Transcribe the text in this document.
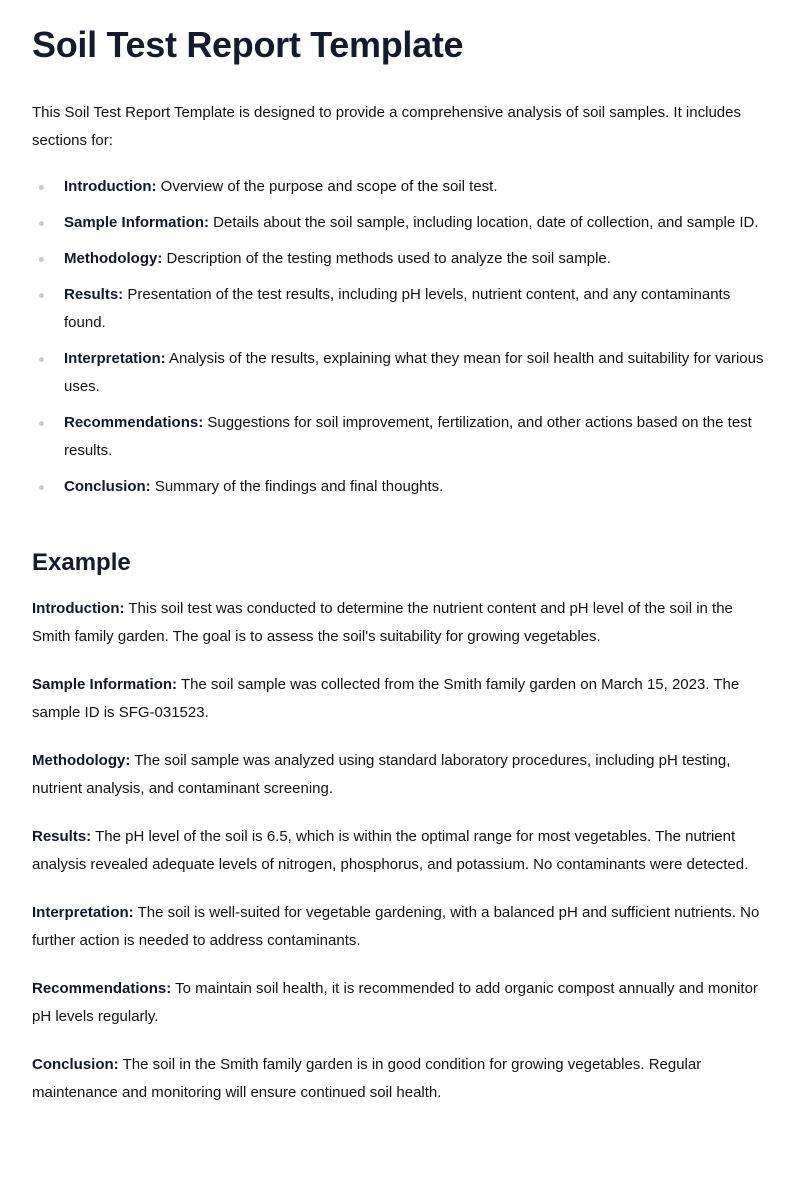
Soil Test Report Template

This Soil Test Report Template is designed to provide a comprehensive analysis of soil samples. It includes sections for:

Introduction: Overview of the purpose and scope of the soil test.
Sample Information: Details about the soil sample, including location, date of collection, and sample ID.
Methodology: Description of the testing methods used to analyze the soil sample.
Results: Presentation of the test results, including pH levels, nutrient content, and any contaminants found.
Interpretation: Analysis of the results, explaining what they mean for soil health and suitability for various uses.
Recommendations: Suggestions for soil improvement, fertilization, and other actions based on the test results.
Conclusion: Summary of the findings and final thoughts.
Example

Introduction: This soil test was conducted to determine the nutrient content and pH level of the soil in the Smith family garden. The goal is to assess the soil's suitability for growing vegetables.

Sample Information: The soil sample was collected from the Smith family garden on March 15, 2023. The sample ID is SFG-031523.

Methodology: The soil sample was analyzed using standard laboratory procedures, including pH testing, nutrient analysis, and contaminant screening.

Results: The pH level of the soil is 6.5, which is within the optimal range for most vegetables. The nutrient analysis revealed adequate levels of nitrogen, phosphorus, and potassium. No contaminants were detected.

Interpretation: The soil is well-suited for vegetable gardening, with a balanced pH and sufficient nutrients. No further action is needed to address contaminants.

Recommendations: To maintain soil health, it is recommended to add organic compost annually and monitor pH levels regularly.

Conclusion: The soil in the Smith family garden is in good condition for growing vegetables. Regular maintenance and monitoring will ensure continued soil health.
